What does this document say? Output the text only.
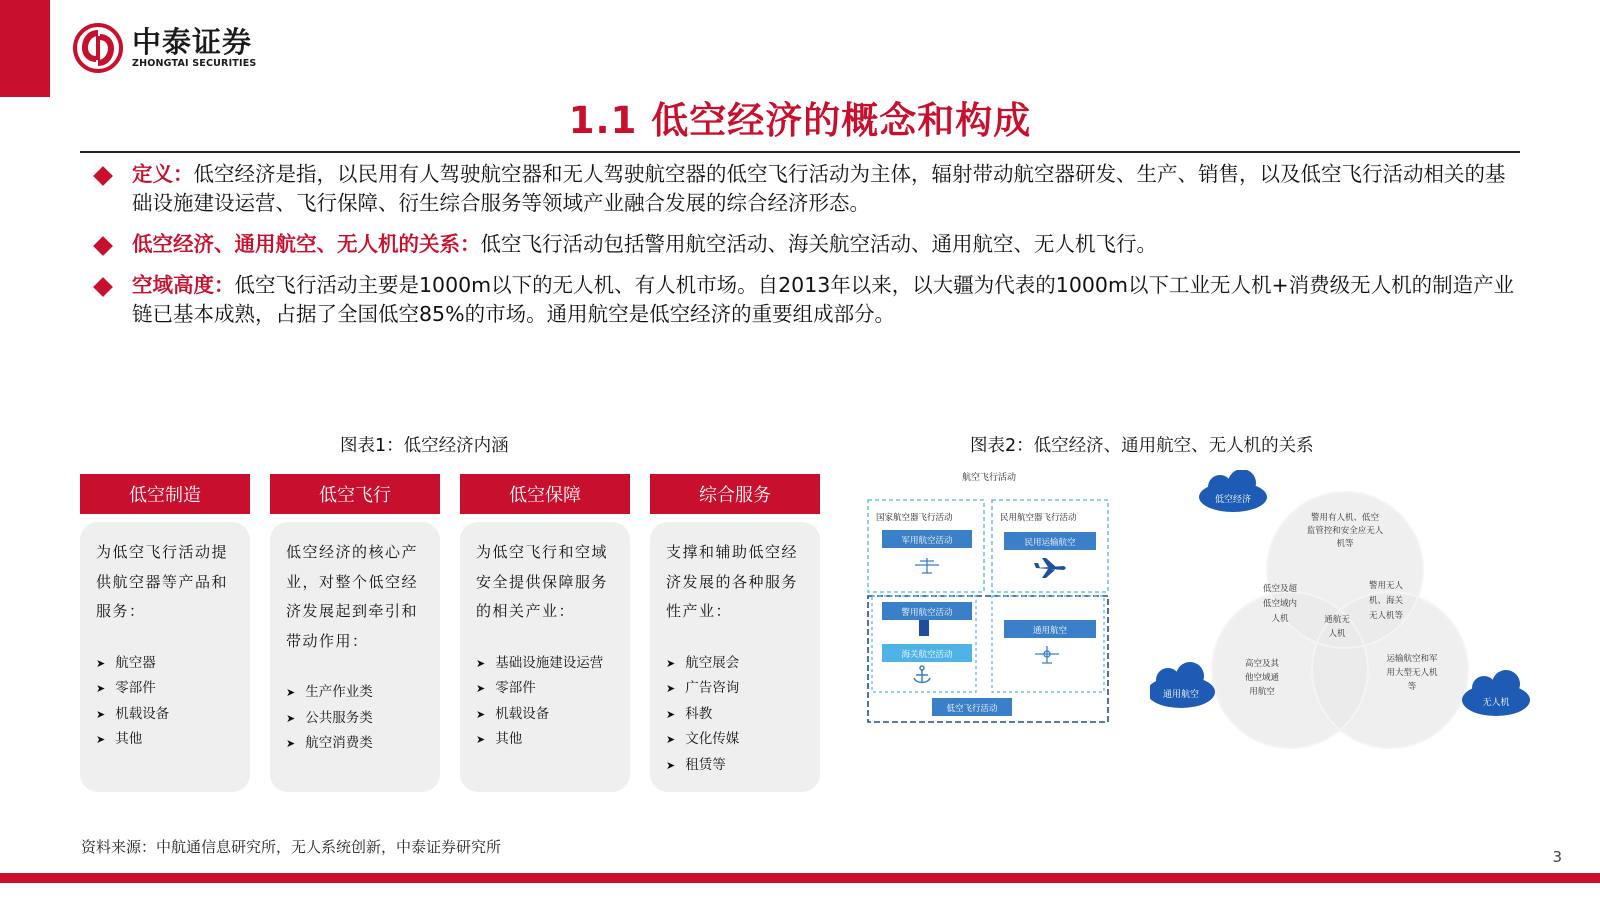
中泰证券
ZHONGTAI SECURITIES
1.1 低空经济的概念和构成
定义：低空经济是指，以民用有人驾驶航空器和无人驾驶航空器的低空飞行活动为主体，辐射带动航空器研发、生产、销售，以及低空飞行活动相关的基础设施建设运营、飞行保障、衍生综合服务等领域产业融合发展的综合经济形态。
低空经济、通用航空、无人机的关系：低空飞行活动包括警用航空活动、海关航空活动、通用航空、无人机飞行。
空域高度：低空飞行活动主要是1000m以下的无人机、有人机市场。自2013年以来，以大疆为代表的1000m以下工业无人机+消费级无人机的制造产业链已基本成熟，占据了全国低空85%的市场。通用航空是低空经济的重要组成部分。
图表1：低空经济内涵
低空制造
为低空飞行活动提供航空器等产品和服务：
➤ 航空器
➤ 零部件
➤ 机载设备
➤ 其他
低空飞行
低空经济的核心产业，对整个低空经济发展起到牵引和带动作用：
➤ 生产作业类
➤ 公共服务类
➤ 航空消费类
低空保障
为低空飞行和空域安全提供保障服务的相关产业：
➤ 基础设施建设运营
➤ 零部件
➤ 机载设备
➤ 其他
综合服务
支撑和辅助低空经济发展的各种服务性产业：
➤ 航空展会
➤ 广告咨询
➤ 科教
➤ 文化传媒
➤ 租赁等
图表2：低空经济、通用航空、无人机的关系
航空飞行活动
国家航空器飞行活动	民用航空器飞行活动
军用航空活动	民用运输航空
警用航空活动
海关航空活动
通用航空
低空飞行活动
低空经济
通用航空
无人机
警用有人机、低空
监管控和安全应无人
机等
低空及超
低空域内
人机
警用无人
机、海关
无人机等
通航无
人机
高空及其
他空域通
用航空
运输航空和军
用大型无人机
等
资料来源：中航通信息研究所，无人系统创新，中泰证券研究所
3
